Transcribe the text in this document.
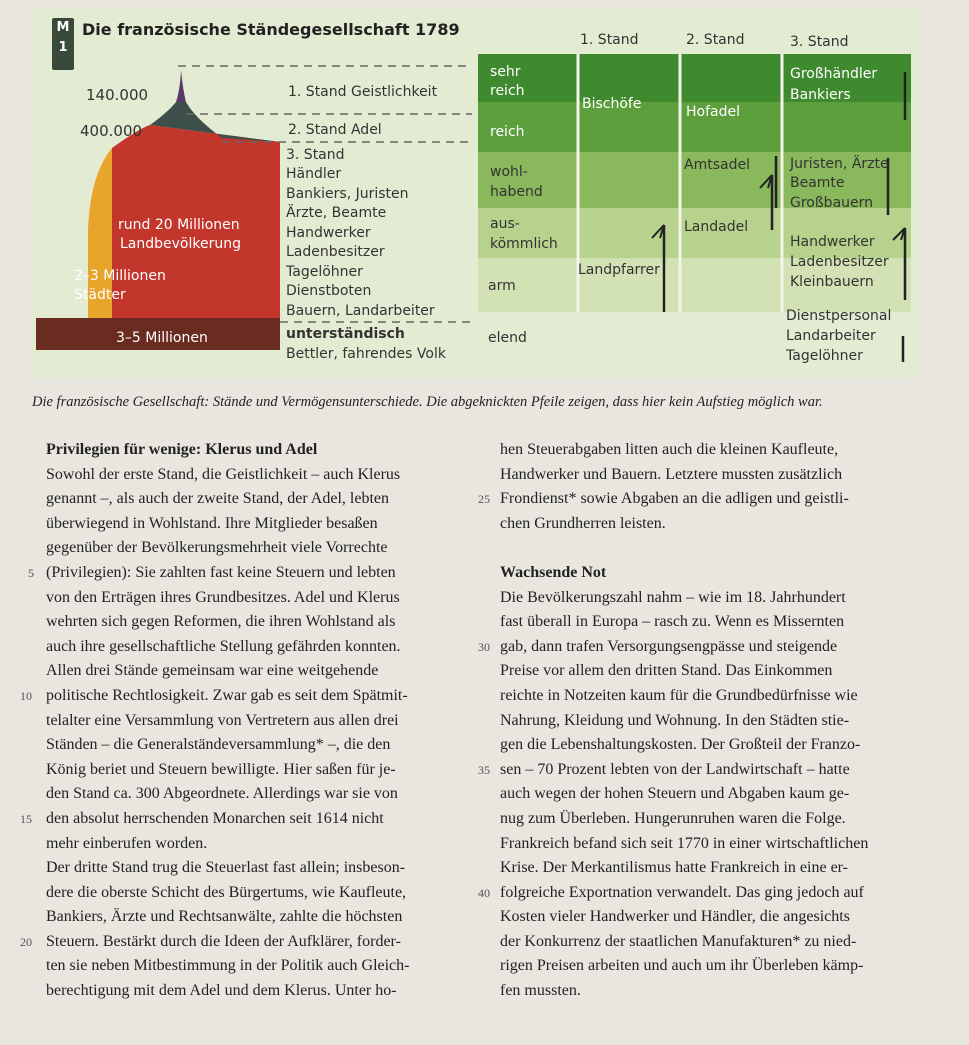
M
1
Die französische Ständegesellschaft 1789
140.000
400.000
rund 20 Millionen
Landbevölkerung
2–3 Millionen
Städter
3–5 Millionen
1. Stand Geistlichkeit
2. Stand Adel
3. Stand
Händler
Bankiers, Juristen
Ärzte, Beamte
Handwerker
Ladenbesitzer
Tagelöhner
Dienstboten
Bauern, Landarbeiter
unterständisch
Bettler, fahrendes Volk
1. Stand	2. Stand	3. Stand
sehr
reich
reich
wohl-
habend
aus-
kömmlich
arm
elend
Bischöfe
Landpfarrer
Hofadel
Amtsadel
Landadel
Großhändler
Bankiers
Juristen, Ärzte
Beamte
Großbauern
Handwerker
Ladenbesitzer
Kleinbauern
Dienstpersonal
Landarbeiter
Tagelöhner
Die französische Gesellschaft: Stände und Vermögensunterschiede. Die abgeknickten Pfeile zeigen, dass hier kein Aufstieg möglich war.

Privilegien für wenige: Klerus und Adel

Sowohl der erste Stand, die Geistlichkeit – auch Klerus
genannt –, als auch der zweite Stand, der Adel, lebten
überwiegend in Wohlstand. Ihre Mitglieder besaßen
gegenüber der Bevölkerungsmehrheit viele Vorrechte
(Privilegien): Sie zahlten fast keine Steuern und lebten
von den Erträgen ihres Grundbesitzes. Adel und Klerus
wehrten sich gegen Reformen, die ihren Wohlstand als
auch ihre gesellschaftliche Stellung gefährden konnten.
Allen drei Stände gemeinsam war eine weitgehende
politische Rechtlosigkeit. Zwar gab es seit dem Spätmit-
telalter eine Versammlung von Vertretern aus allen drei
Ständen – die Generalständeversammlung* –, die den
König beriet und Steuern bewilligte. Hier saßen für je-
den Stand ca. 300 Abgeordnete. Allerdings war sie von
den absolut herrschenden Monarchen seit 1614 nicht
mehr einberufen worden.
Der dritte Stand trug die Steuerlast fast allein; insbeson-
dere die oberste Schicht des Bürgertums, wie Kaufleute,
Bankiers, Ärzte und Rechtsanwälte, zahlte die höchsten
Steuern. Bestärkt durch die Ideen der Aufklärer, forder-
ten sie neben Mitbestimmung in der Politik auch Gleich-
berechtigung mit dem Adel und dem Klerus. Unter ho-
5
10
15
20
hen Steuerabgaben litten auch die kleinen Kaufleute,
Handwerker und Bauern. Letztere mussten zusätzlich
Frondienst* sowie Abgaben an die adligen und geistli-
chen Grundherren leisten.

Wachsende Not

Die Bevölkerungszahl nahm – wie im 18. Jahrhundert
fast überall in Europa – rasch zu. Wenn es Missernten
gab, dann trafen Versorgungsengpässe und steigende
Preise vor allem den dritten Stand. Das Einkommen
reichte in Notzeiten kaum für die Grundbedürfnisse wie
Nahrung, Kleidung und Wohnung. In den Städten stie-
gen die Lebenshaltungskosten. Der Großteil der Franzo-
sen – 70 Prozent lebten von der Landwirtschaft – hatte
auch wegen der hohen Steuern und Abgaben kaum ge-
nug zum Überleben. Hungerunruhen waren die Folge.
Frankreich befand sich seit 1770 in einer wirtschaftlichen
Krise. Der Merkantilismus hatte Frankreich in eine er-
folgreiche Exportnation verwandelt. Das ging jedoch auf
Kosten vieler Handwerker und Händler, die angesichts
der Konkurrenz der staatlichen Manufakturen* zu nied-
rigen Preisen arbeiten und auch um ihr Überleben kämp-
fen mussten.
25
30
35
40
